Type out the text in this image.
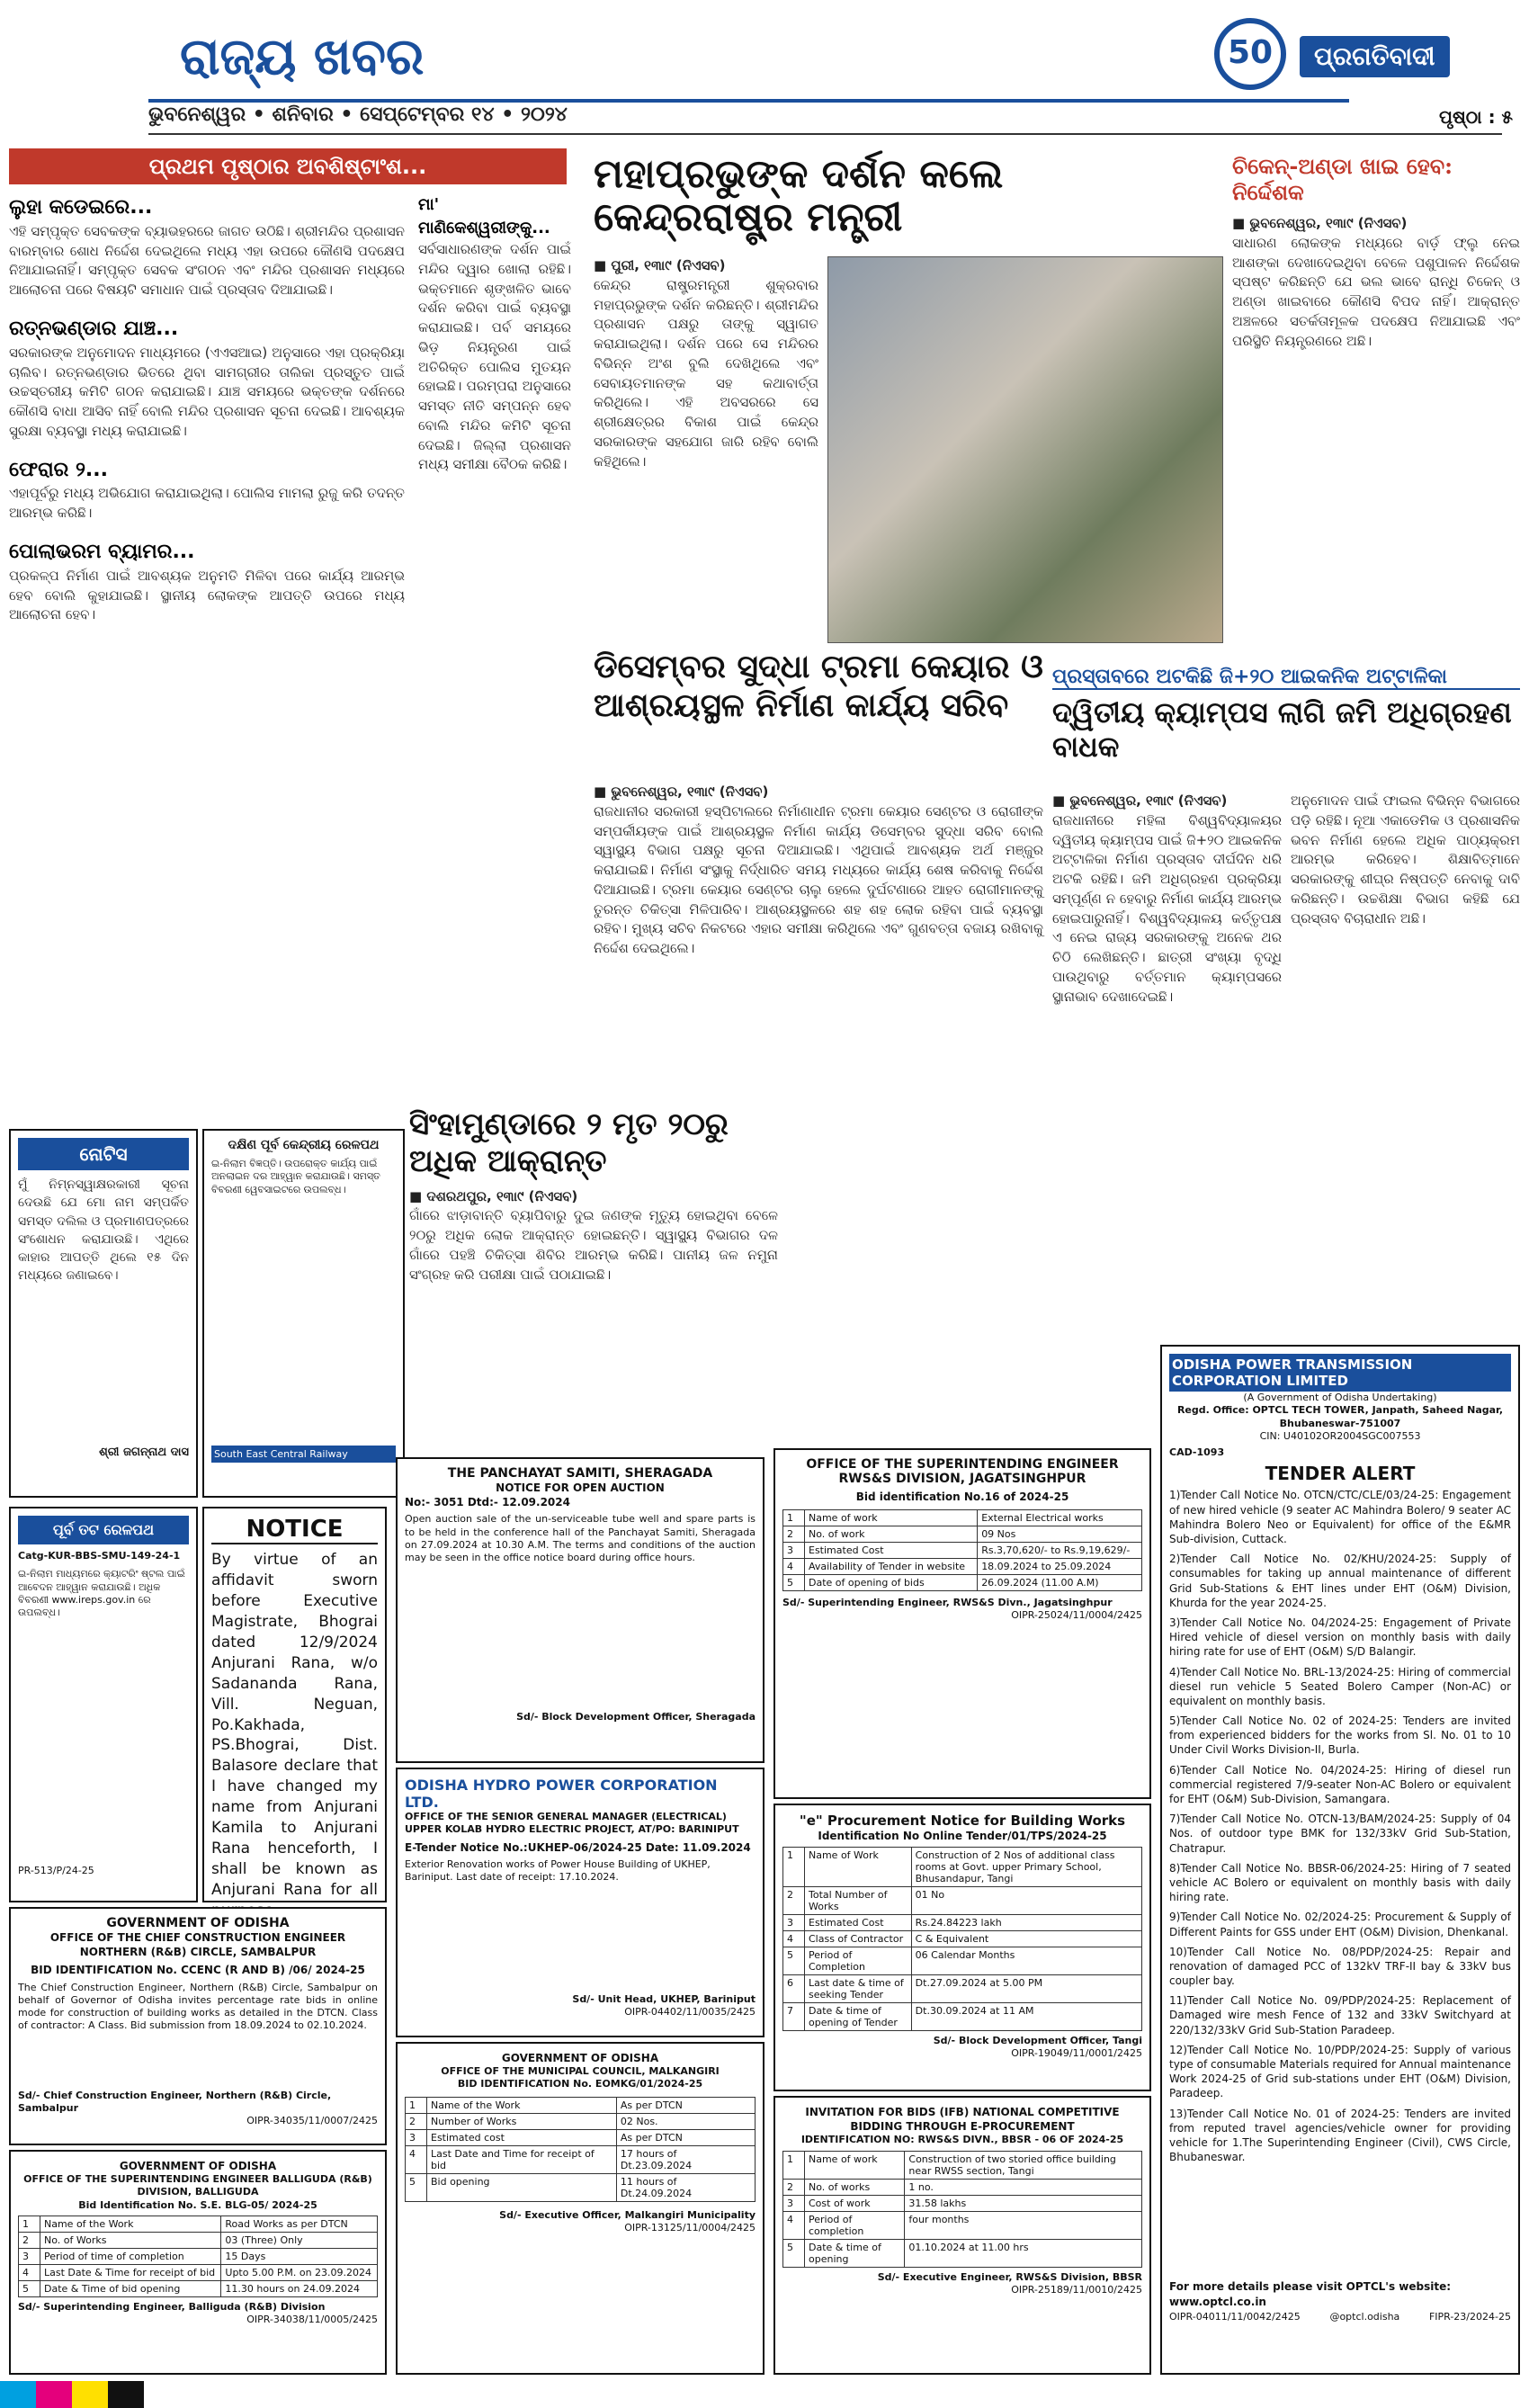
ରାଜ୍ୟ ଖବର
ଭୁବନେଶ୍ୱର • ଶନିବାର • ସେପ୍ଟେମ୍ବର ୧୪ • ୨୦୨୪
50	ପ୍ରଗତିବାଦୀ
ପୃଷ୍ଠା : ୫
ପ୍ରଥମ ପୃଷ୍ଠାର ଅବଶିଷ୍ଟାଂଶ...
ଲୁହା କଡେଇରେ...

ଏହି ସମ୍ପୃକ୍ତ ସେବକଙ୍କ ବ୍ୟାଭହରରେ ଜାଗତ ଉଠିଛି। ଶ୍ରୀମନ୍ଦିର ପ୍ରଶାସନ ବାରମ୍ବାର ଶୋଧ ନିର୍ଦ୍ଦେଶ ଦେଇଥିଲେ ମଧ୍ୟ ଏହା ଉପରେ କୌଣସି ପଦକ୍ଷେପ ନିଆଯାଇନାହିଁ। ସମ୍ପୃକ୍ତ ସେବକ ସଂଗଠନ ଏବଂ ମନ୍ଦିର ପ୍ରଶାସନ ମଧ୍ୟରେ ଆଲୋଚନା ପରେ ବିଷୟଟି ସମାଧାନ ପାଇଁ ପ୍ରସ୍ତାବ ଦିଆଯାଇଛି।

ରତ୍ନଭଣ୍ଡାର ଯାଞ୍ଚ...

ସରକାରଙ୍କ ଅନୁମୋଦନ ମାଧ୍ୟମରେ (ଏଏସଆଇ) ଅନୁସାରେ ଏହା ପ୍ରକ୍ରିୟା ଚାଲିବ। ରତ୍ନଭଣ୍ଡାର ଭିତରେ ଥିବା ସାମଗ୍ରୀର ତାଲିକା ପ୍ରସ୍ତୁତ ପାଇଁ ଉଚ୍ଚସ୍ତରୀୟ କମିଟି ଗଠନ କରାଯାଇଛି। ଯାଞ୍ଚ ସମୟରେ ଭକ୍ତଙ୍କ ଦର୍ଶନରେ କୌଣସି ବାଧା ଆସିବ ନାହିଁ ବୋଲି ମନ୍ଦିର ପ୍ରଶାସନ ସୂଚନା ଦେଇଛି। ଆବଶ୍ୟକ ସୁରକ୍ଷା ବ୍ୟବସ୍ଥା ମଧ୍ୟ କରାଯାଇଛି।

ଫେରାର ୨...

ଏହାପୂର୍ବରୁ ମଧ୍ୟ ଅଭିଯୋଗ କରାଯାଇଥିଲା। ପୋଲିସ ମାମଲା ରୁଜୁ କରି ତଦନ୍ତ ଆରମ୍ଭ କରିଛି।

ପୋଲାଭରମ ବ୍ୟାମର...

ପ୍ରକଳ୍ପ ନିର୍ମାଣ ପାଇଁ ଆବଶ୍ୟକ ଅନୁମତି ମିଳିବା ପରେ କାର୍ଯ୍ୟ ଆରମ୍ଭ ହେବ ବୋଲି କୁହାଯାଇଛି। ସ୍ଥାନୀୟ ଲୋକଙ୍କ ଆପତ୍ତି ଉପରେ ମଧ୍ୟ ଆଲୋଚନା ହେବ।

ମା' ମାଣିକେଶ୍ୱରୀଙ୍କୁ...

ସର୍ବସାଧାରଣଙ୍କ ଦର୍ଶନ ପାଇଁ ମନ୍ଦିର ଦ୍ୱାର ଖୋଲା ରହିଛି। ଭକ୍ତମାନେ ଶୃଙ୍ଖଳିତ ଭାବେ ଦର୍ଶନ କରିବା ପାଇଁ ବ୍ୟବସ୍ଥା କରାଯାଇଛି। ପର୍ବ ସମୟରେ ଭିଡ଼ ନିୟନ୍ତ୍ରଣ ପାଇଁ ଅତିରିକ୍ତ ପୋଲିସ ମୁତୟନ ହୋଇଛି। ପରମ୍ପରା ଅନୁସାରେ ସମସ୍ତ ନୀତି ସମ୍ପନ୍ନ ହେବ ବୋଲି ମନ୍ଦିର କମିଟି ସୂଚନା ଦେଇଛି। ଜିଲ୍ଲା ପ୍ରଶାସନ ମଧ୍ୟ ସମୀକ୍ଷା ବୈଠକ କରିଛି।

ମହାପ୍ରଭୁଙ୍କ ଦର୍ଶନ କଲେ କେନ୍ଦ୍ରରାଷ୍ଟ୍ର ମନ୍ତ୍ରୀ
■ ପୁରୀ, ୧୩ା୯ (ନିଏସବ)

କେନ୍ଦ୍ର ରାଷ୍ଟ୍ରମନ୍ତ୍ରୀ ଶୁକ୍ରବାର ମହାପ୍ରଭୁଙ୍କ ଦର୍ଶନ କରିଛନ୍ତି। ଶ୍ରୀମନ୍ଦିର ପ୍ରଶାସନ ପକ୍ଷରୁ ତାଙ୍କୁ ସ୍ୱାଗତ କରାଯାଇଥିଲା। ଦର୍ଶନ ପରେ ସେ ମନ୍ଦିରର ବିଭିନ୍ନ ଅଂଶ ବୁଲି ଦେଖିଥିଲେ ଏବଂ ସେବାୟତମାନଙ୍କ ସହ କଥାବାର୍ତ୍ତା କରିଥିଲେ। ଏହି ଅବସରରେ ସେ ଶ୍ରୀକ୍ଷେତ୍ରର ବିକାଶ ପାଇଁ କେନ୍ଦ୍ର ସରକାରଙ୍କ ସହଯୋଗ ଜାରି ରହିବ ବୋଲି କହିଥିଲେ।

ଚିକେନ୍-ଅଣ୍ଡା ଖାଇ ହେବ: ନିର୍ଦ୍ଦେଶକ
■ ଭୁବନେଶ୍ୱର, ୧୩ା୯ (ନିଏସବ)

ସାଧାରଣ ଲୋକଙ୍କ ମଧ୍ୟରେ ବାର୍ଡ଼ ଫ୍ଲୁ ନେଇ ଆଶଙ୍କା ଦେଖାଦେଇଥିବା ବେଳେ ପଶୁପାଳନ ନିର୍ଦ୍ଦେଶକ ସ୍ପଷ୍ଟ କରିଛନ୍ତି ଯେ ଭଲ ଭାବେ ରାନ୍ଧି ଚିକେନ୍ ଓ ଅଣ୍ଡା ଖାଇବାରେ କୌଣସି ବିପଦ ନାହିଁ। ଆକ୍ରାନ୍ତ ଅଞ୍ଚଳରେ ସତର୍କତାମୂଳକ ପଦକ୍ଷେପ ନିଆଯାଇଛି ଏବଂ ପରିସ୍ଥିତି ନିୟନ୍ତ୍ରଣରେ ଅଛି।

ଡିସେମ୍ବର ସୁଦ୍ଧା ଟ୍ରମା କେୟାର ଓ ଆଶ୍ରୟସ୍ଥଳ ନିର୍ମାଣ କାର୍ଯ୍ୟ ସରିବ
■ ଭୁବନେଶ୍ୱର, ୧୩ା୯ (ନିଏସବ)

ରାଜଧାନୀର ସରକାରୀ ହସ୍ପିଟାଲରେ ନିର୍ମାଣାଧୀନ ଟ୍ରମା କେୟାର ସେଣ୍ଟର ଓ ରୋଗୀଙ୍କ ସମ୍ପର୍କୀୟଙ୍କ ପାଇଁ ଆଶ୍ରୟସ୍ଥଳ ନିର୍ମାଣ କାର୍ଯ୍ୟ ଡିସେମ୍ବର ସୁଦ୍ଧା ସରିବ ବୋଲି ସ୍ୱାସ୍ଥ୍ୟ ବିଭାଗ ପକ୍ଷରୁ ସୂଚନା ଦିଆଯାଇଛି। ଏଥିପାଇଁ ଆବଶ୍ୟକ ଅର୍ଥ ମଞ୍ଜୁର କରାଯାଇଛି। ନିର୍ମାଣ ସଂସ୍ଥାକୁ ନିର୍ଦ୍ଧାରିତ ସମୟ ମଧ୍ୟରେ କାର୍ଯ୍ୟ ଶେଷ କରିବାକୁ ନିର୍ଦ୍ଦେଶ ଦିଆଯାଇଛି। ଟ୍ରମା କେୟାର ସେଣ୍ଟର ଚାଲୁ ହେଲେ ଦୁର୍ଘଟଣାରେ ଆହତ ରୋଗୀମାନଙ୍କୁ ତୁରନ୍ତ ଚିକିତ୍ସା ମିଳିପାରିବ। ଆଶ୍ରୟସ୍ଥଳରେ ଶହ ଶହ ଲୋକ ରହିବା ପାଇଁ ବ୍ୟବସ୍ଥା ରହିବ। ମୁଖ୍ୟ ସଚିବ ନିକଟରେ ଏହାର ସମୀକ୍ଷା କରିଥିଲେ ଏବଂ ଗୁଣବତ୍ତା ବଜାୟ ରଖିବାକୁ ନିର୍ଦ୍ଦେଶ ଦେଇଥିଲେ।

ପ୍ରସ୍ତାବରେ ଅଟକିଛି ଜି+୨୦ ଆଇକନିକ ଅଟ୍ଟାଳିକା
ଦ୍ୱିତୀୟ କ୍ୟାମ୍ପସ ଲାଗି ଜମି ଅଧିଗ୍ରହଣ ବାଧକ
■ ଭୁବନେଶ୍ୱର, ୧୩ା୯ (ନିଏସବ)

ରାଜଧାନୀରେ ମହିଳା ବିଶ୍ୱବିଦ୍ୟାଳୟର ଦ୍ୱିତୀୟ କ୍ୟାମ୍ପସ ପାଇଁ ଜି+୨୦ ଆଇକନିକ ଅଟ୍ଟାଳିକା ନିର୍ମାଣ ପ୍ରସ୍ତାବ ଦୀର୍ଘଦିନ ଧରି ଅଟକି ରହିଛି। ଜମି ଅଧିଗ୍ରହଣ ପ୍ରକ୍ରିୟା ସମ୍ପୂର୍ଣ୍ଣ ନ ହେବାରୁ ନିର୍ମାଣ କାର୍ଯ୍ୟ ଆରମ୍ଭ ହୋଇପାରୁନାହିଁ। ବିଶ୍ୱବିଦ୍ୟାଳୟ କର୍ତ୍ତୃପକ୍ଷ ଏ ନେଇ ରାଜ୍ୟ ସରକାରଙ୍କୁ ଅନେକ ଥର ଚିଠି ଲେଖିଛନ୍ତି। ଛାତ୍ରୀ ସଂଖ୍ୟା ବୃଦ୍ଧି ପାଉଥିବାରୁ ବର୍ତ୍ତମାନ କ୍ୟାମ୍ପସରେ ସ୍ଥାନାଭାବ ଦେଖାଦେଇଛି।

ଅନୁମୋଦନ ପାଇଁ ଫାଇଲ ବିଭିନ୍ନ ବିଭାଗରେ ପଡ଼ି ରହିଛି। ନୂଆ ଏକାଡେମିକ ଓ ପ୍ରଶାସନିକ ଭବନ ନିର୍ମାଣ ହେଲେ ଅଧିକ ପାଠ୍ୟକ୍ରମ ଆରମ୍ଭ କରିହେବ। ଶିକ୍ଷାବିତ୍ମାନେ ସରକାରଙ୍କୁ ଶୀଘ୍ର ନିଷ୍ପତ୍ତି ନେବାକୁ ଦାବି କରିଛନ୍ତି। ଉଚ୍ଚଶିକ୍ଷା ବିଭାଗ କହିଛି ଯେ ପ୍ରସ୍ତାବ ବିଚାରାଧୀନ ଅଛି।

ସିଂହାମୁଣ୍ଡାରେ ୨ ମୃତ ୨୦ରୁ ଅଧିକ ଆକ୍ରାନ୍ତ
■ ଦଶରଥପୁର, ୧୩ା୯ (ନିଏସବ)

ଗାଁରେ ଝାଡ଼ାବାନ୍ତି ବ୍ୟାପିବାରୁ ଦୁଇ ଜଣଙ୍କ ମୃତ୍ୟୁ ହୋଇଥିବା ବେଳେ ୨୦ରୁ ଅଧିକ ଲୋକ ଆକ୍ରାନ୍ତ ହୋଇଛନ୍ତି। ସ୍ୱାସ୍ଥ୍ୟ ବିଭାଗର ଦଳ ଗାଁରେ ପହଞ୍ଚି ଚିକିତ୍ସା ଶିବିର ଆରମ୍ଭ କରିଛି। ପାନୀୟ ଜଳ ନମୁନା ସଂଗ୍ରହ କରି ପରୀକ୍ଷା ପାଇଁ ପଠାଯାଇଛି।

ନୋଟିସ
ମୁଁ ନିମ୍ନସ୍ୱାକ୍ଷରକାରୀ ସୂଚନା ଦେଉଛି ଯେ ମୋ ନାମ ସମ୍ପର୍କିତ ସମସ୍ତ ଦଲିଲ ଓ ପ୍ରମାଣପତ୍ରରେ ସଂଶୋଧନ କରାଯାଉଛି। ଏଥିରେ କାହାର ଆପତ୍ତି ଥିଲେ ୧୫ ଦିନ ମଧ୍ୟରେ ଜଣାଇବେ।
ଶ୍ରୀ ଜଗନ୍ନାଥ ଦାସ
ଦକ୍ଷିଣ ପୂର୍ବ କେନ୍ଦ୍ରୀୟ ରେଳପଥ
ଇ-ନିଲାମ ବିଜ୍ଞପ୍ତି। ଉପରୋକ୍ତ କାର୍ଯ୍ୟ ପାଇଁ ଅନଲାଇନ ଦର ଆହ୍ୱାନ କରାଯାଉଛି। ସମସ୍ତ ବିବରଣୀ ୱେବସାଇଟରେ ଉପଲବ୍ଧ।
South East Central Railway
ପୂର୍ବ ତଟ ରେଳପଥ
Catg-KUR-BBS-SMU-149-24-1
ଇ-ନିଲାମ ମାଧ୍ୟମରେ କ୍ୟାଟରିଂ ଷ୍ଟଲ ପାଇଁ ଆବେଦନ ଆହ୍ୱାନ କରାଯାଉଛି। ଅଧିକ ବିବରଣୀ www.ireps.gov.in ରେ ଉପଲବ୍ଧ।
PR-513/P/24-25
NOTICE
By virtue of an affidavit sworn before Executive Magistrate, Bhograi dated 12/9/2024 Anjurani Rana, w/o Sadananda Rana, Vill. Neguan, Po.Kakhada, PS.Bhograi, Dist. Balasore declare that I have changed my name from Anjurani Kamila to Anjurani Rana henceforth, I shall be known as Anjurani Rana for all
THE PANCHAYAT SAMITI, SHERAGADA
NOTICE FOR OPEN AUCTION
No:- 3051 Dtd:- 12.09.2024
Open auction sale of the un-serviceable tube well and spare parts is to be held in the conference hall of the Panchayat Samiti, Sheragada on 27.09.2024 at 10.30 A.M. The terms and conditions of the auction may be seen in the office notice board during office hours.
Sd/- Block Development Officer, Sheragada
ODISHA HYDRO POWER CORPORATION LTD.
OFFICE OF THE SENIOR GENERAL MANAGER (ELECTRICAL) UPPER KOLAB HYDRO ELECTRIC PROJECT, AT/PO: BARINIPUT
E-Tender Notice No.:UKHEP-06/2024-25 Date: 11.09.2024
Exterior Renovation works of Power House Building of UKHEP, Bariniput. Last date of receipt: 17.10.2024.
Sd/- Unit Head, UKHEP, Bariniput
OIPR-04402/11/0035/2425
GOVERNMENT OF ODISHA
OFFICE OF THE CHIEF CONSTRUCTION ENGINEER NORTHERN (R&B) CIRCLE, SAMBALPUR
BID IDENTIFICATION No. CCENC (R AND B) /06/ 2024-25
The Chief Construction Engineer, Northern (R&B) Circle, Sambalpur on behalf of Governor of Odisha invites percentage rate bids in online mode for construction of building works as detailed in the DTCN. Class of contractor: A Class. Bid submission from 18.09.2024 to 02.10.2024.
Sd/- Chief Construction Engineer, Northern (R&B) Circle, Sambalpur
OIPR-34035/11/0007/2425
GOVERNMENT OF ODISHA
OFFICE OF THE SUPERINTENDING ENGINEER BALLIGUDA (R&B) DIVISION, BALLIGUDA
Bid Identification No. S.E. BLG-05/ 2024-25
1	Name of the Work	Road Works as per DTCN
2	No. of Works	03 (Three) Only
3	Period of time of completion	15 Days
4	Last Date & Time for receipt of bid	Upto 5.00 P.M. on 23.09.2024
5	Date & Time of bid opening	11.30 hours on 24.09.2024
Sd/- Superintending Engineer, Balliguda (R&B) Division
OIPR-34038/11/0005/2425
GOVERNMENT OF ODISHA
OFFICE OF THE MUNICIPAL COUNCIL, MALKANGIRI
BID IDENTIFICATION No. EOMKG/01/2024-25
1	Name of the Work	As per DTCN
2	Number of Works	02 Nos.
3	Estimated cost	As per DTCN
4	Last Date and Time for receipt of bid	17 hours of Dt.23.09.2024
5	Bid opening	11 hours of Dt.24.09.2024
Sd/- Executive Officer, Malkangiri Municipality
OIPR-13125/11/0004/2425
OFFICE OF THE SUPERINTENDING ENGINEER RWS&S DIVISION, JAGATSINGHPUR
Bid identification No.16 of 2024-25
1	Name of work	External Electrical works
2	No. of work	09 Nos
3	Estimated Cost	Rs.3,70,620/- to Rs.9,19,629/-
4	Availability of Tender in website	18.09.2024 to 25.09.2024
5	Date of opening of bids	26.09.2024 (11.00 A.M)
Sd/- Superintending Engineer, RWS&S Divn., Jagatsinghpur
OIPR-25024/11/0004/2425
"e" Procurement Notice for Building Works
Identification No Online Tender/01/TPS/2024-25
1	Name of Work	Construction of 2 Nos of additional class rooms at Govt. upper Primary School, Bhusandapur, Tangi
2	Total Number of Works	01 No
3	Estimated Cost	Rs.24.84223 lakh
4	Class of Contractor	C & Equivalent
5	Period of Completion	06 Calendar Months
6	Last date & time of seeking Tender	Dt.27.09.2024 at 5.00 PM
7	Date & time of opening of Tender	Dt.30.09.2024 at 11 AM
Sd/- Block Development Officer, Tangi
OIPR-19049/11/0001/2425
INVITATION FOR BIDS (IFB) NATIONAL COMPETITIVE BIDDING THROUGH E-PROCUREMENT
IDENTIFICATION NO: RWS&S DIVN., BBSR - 06 OF 2024-25
1	Name of work	Construction of two storied office building near RWSS section, Tangi
2	No. of works	1 no.
3	Cost of work	31.58 lakhs
4	Period of completion	four months
5	Date & time of opening	01.10.2024 at 11.00 hrs
Sd/- Executive Engineer, RWS&S Division, BBSR
OIPR-25189/11/0010/2425
ODISHA POWER TRANSMISSION CORPORATION LIMITED
(A Government of Odisha Undertaking)
Regd. Office: OPTCL TECH TOWER, Janpath, Saheed Nagar, Bhubaneswar-751007
CIN: U40102OR2004SGC007553
CAD-1093
TENDER ALERT

1)Tender Call Notice No. OTCN/CTC/CLE/03/24-25: Engagement of new hired vehicle (9 seater AC Mahindra Bolero/ 9 seater AC Mahindra Bolero Neo or Equivalent) for office of the E&MR Sub-division, Cuttack.

2)Tender Call Notice No. 02/KHU/2024-25: Supply of consumables for taking up annual maintenance of different Grid Sub-Stations & EHT lines under EHT (O&M) Division, Khurda for the year 2024-25.

3)Tender Call Notice No. 04/2024-25: Engagement of Private Hired vehicle of diesel version on monthly basis with daily hiring rate for use of EHT (O&M) S/D Balangir.

4)Tender Call Notice No. BRL-13/2024-25: Hiring of commercial diesel run vehicle 5 Seated Bolero Camper (Non-AC) or equivalent on monthly basis.

5)Tender Call Notice No. 02 of 2024-25: Tenders are invited from experienced bidders for the works from Sl. No. 01 to 10 Under Civil Works Division-II, Burla.

6)Tender Call Notice No. 04/2024-25: Hiring of diesel run commercial registered 7/9-seater Non-AC Bolero or equivalent for EHT (O&M) Sub-Division, Samangara.

7)Tender Call Notice No. OTCN-13/BAM/2024-25: Supply of 04 Nos. of outdoor type BMK for 132/33kV Grid Sub-Station, Chatrapur.

8)Tender Call Notice No. BBSR-06/2024-25: Hiring of 7 seated vehicle AC Bolero or equivalent on monthly basis with daily hiring rate.

9)Tender Call Notice No. 02/2024-25: Procurement & Supply of Different Paints for GSS under EHT (O&M) Division, Dhenkanal.

10)Tender Call Notice No. 08/PDP/2024-25: Repair and renovation of damaged PCC of 132kV TRF-II bay & 33kV bus coupler bay.

11)Tender Call Notice No. 09/PDP/2024-25: Replacement of Damaged wire mesh Fence of 132 and 33kV Switchyard at 220/132/33kV Grid Sub-Station Paradeep.

12)Tender Call Notice No. 10/PDP/2024-25: Supply of various type of consumable Materials required for Annual maintenance Work 2024-25 of Grid sub-stations under EHT (O&M) Division, Paradeep.

13)Tender Call Notice No. 01 of 2024-25: Tenders are invited from reputed travel agencies/vehicle owner for providing vehicle for 1.The Superintending Engineer (Civil), CWS Circle, Bhubaneswar.

For more details please visit OPTCL's website: www.optcl.co.in
OIPR-04011/11/0042/2425	@optcl.odisha	FIPR-23/2024-25
